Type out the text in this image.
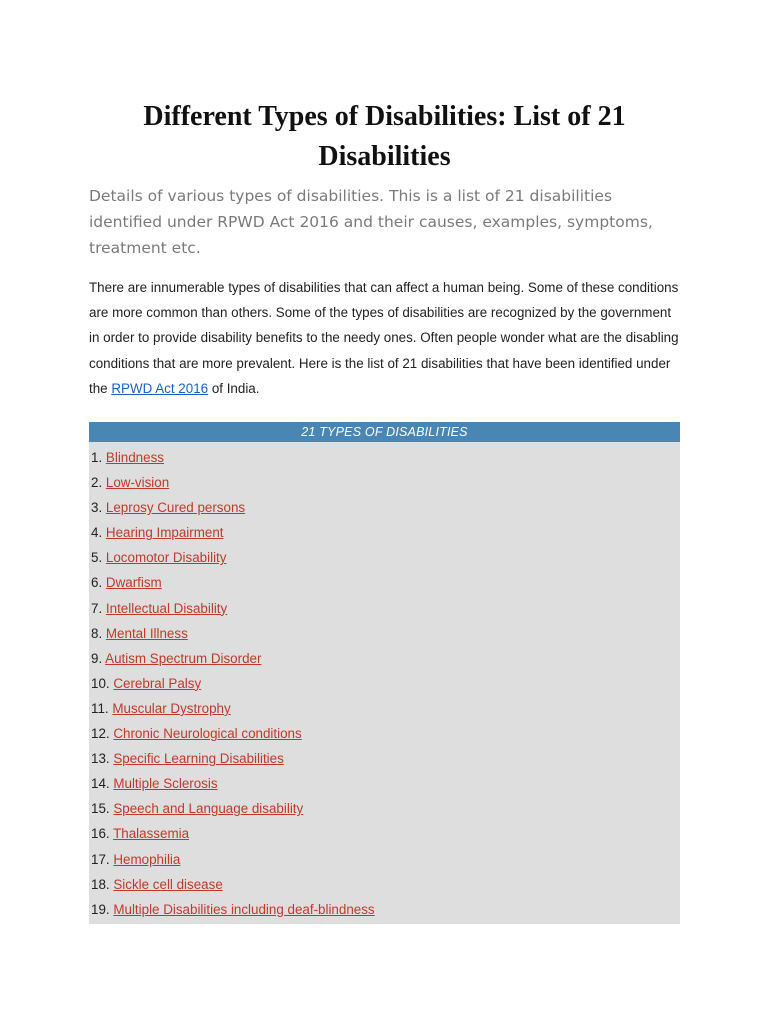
Different Types of Disabilities: List of 21 Disabilities

Details of various types of disabilities. This is a list of 21 disabilities identified under RPWD Act 2016 and their causes, examples, symptoms, treatment etc.

There are innumerable types of disabilities that can affect a human being. Some of these conditions are more common than others. Some of the types of disabilities are recognized by the government in order to provide disability benefits to the needy ones. Often people wonder what are the disabling conditions that are more prevalent. Here is the list of 21 disabilities that have been identified under the RPWD Act 2016 of India.

21 TYPES OF DISABILITIES
1. Blindness
2. Low-vision
3. Leprosy Cured persons
4. Hearing Impairment
5. Locomotor Disability
6. Dwarfism
7. Intellectual Disability
8. Mental Illness
9. Autism Spectrum Disorder
10. Cerebral Palsy
11. Muscular Dystrophy
12. Chronic Neurological conditions
13. Specific Learning Disabilities
14. Multiple Sclerosis
15. Speech and Language disability
16. Thalassemia
17. Hemophilia
18. Sickle cell disease
19. Multiple Disabilities including deaf-blindness
